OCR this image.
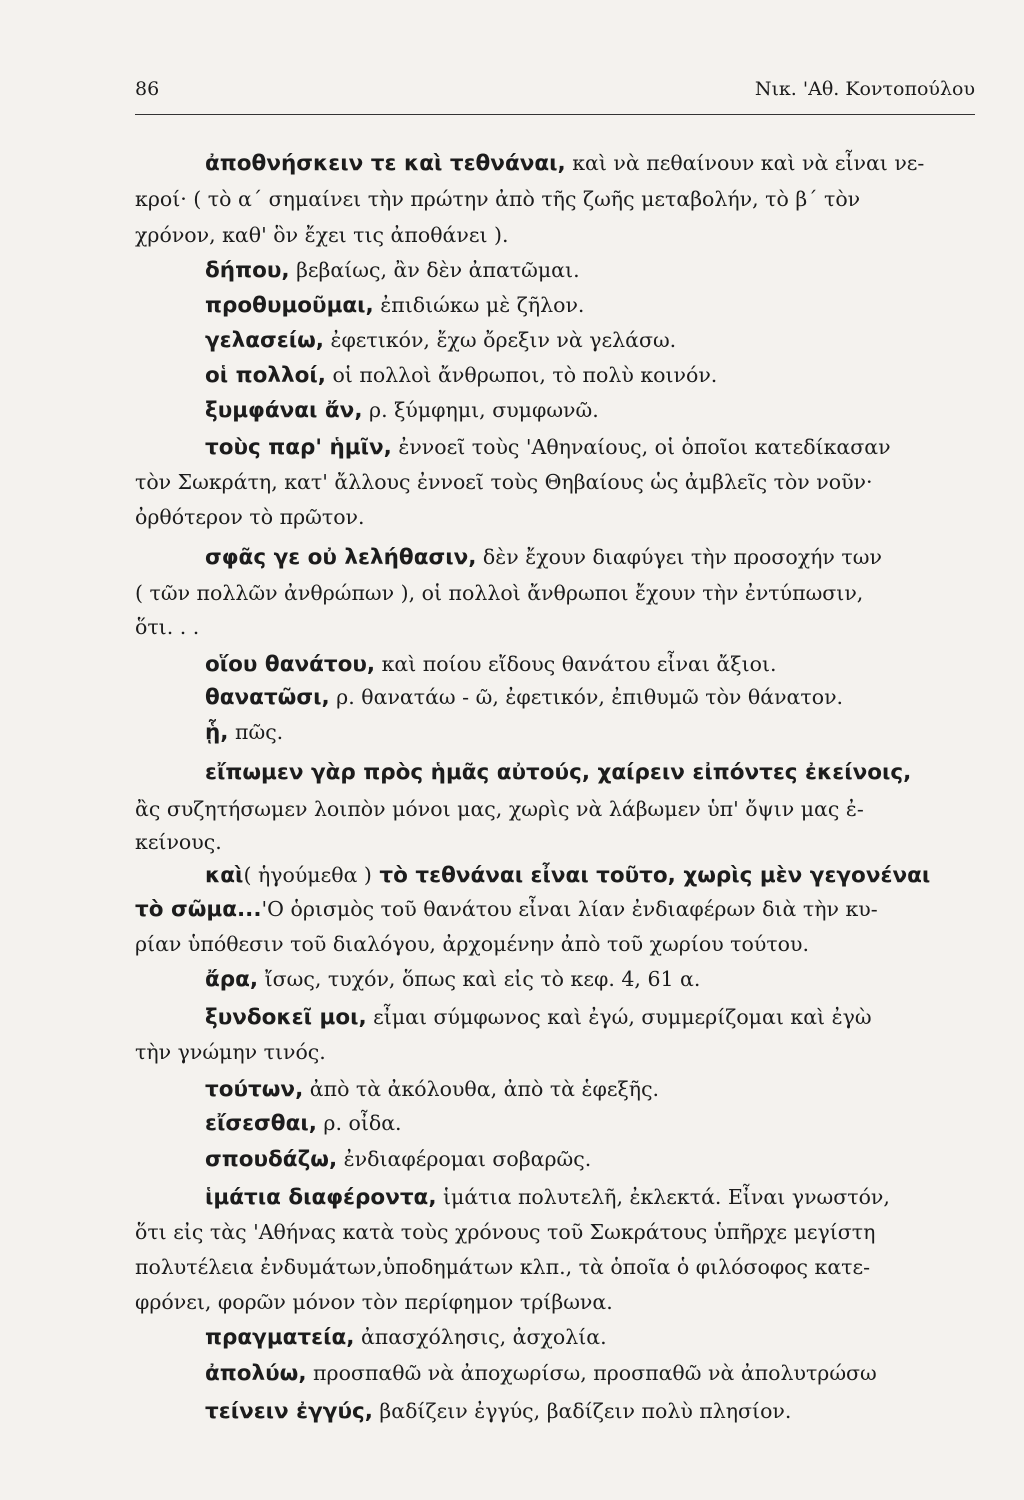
86	Νικ. 'Αθ. Κοντοπούλου
ἀποθνήσκειν τε καὶ τεθνάναι, καὶ νὰ πεθαίνουν καὶ νὰ εἶναι νε-
κροί· ( τὸ α΄ σημαίνει τὴν πρώτην ἀπὸ τῆς ζωῆς μεταβολήν, τὸ β΄ τὸν
χρόνον, καθ' ὃν ἔχει τις ἀποθάνει ).
δήπου, βεβαίως, ἂν δὲν ἀπατῶμαι.
προθυμοῦμαι, ἐπιδιώκω μὲ ζῆλον.
γελασείω, ἐφετικόν, ἔχω ὄρεξιν νὰ γελάσω.
οἱ πολλοί, οἱ πολλοὶ ἄνθρωποι, τὸ πολὺ κοινόν.
ξυμφάναι ἄν, ρ. ξύμφημι, συμφωνῶ.
τοὺς παρ' ἡμῖν, ἐννοεῖ τοὺς 'Αθηναίους, οἱ ὁποῖοι κατεδίκασαν
τὸν Σωκράτη, κατ' ἄλλους ἐννοεῖ τοὺς Θηβαίους ὡς ἀμβλεῖς τὸν νοῦν·
ὀρθότερον τὸ πρῶτον.
σφᾶς γε οὐ λελήθασιν, δὲν ἔχουν διαφύγει τὴν προσοχήν των
( τῶν πολλῶν ἀνθρώπων ), οἱ πολλοὶ ἄνθρωποι ἔχουν τὴν ἐντύπωσιν,
ὅτι. . .
οἵου θανάτου, καὶ ποίου εἴδους θανάτου εἶναι ἄξιοι.
θανατῶσι, ρ. θανατάω - ῶ, ἐφετικόν, ἐπιθυμῶ τὸν θάνατον.
ᾗ, πῶς.
εἴπωμεν γὰρ πρὸς ἡμᾶς αὐτούς, χαίρειν εἰπόντες ἐκείνοις,
ἂς συζητήσωμεν λοιπὸν μόνοι μας, χωρὶς νὰ λάβωμεν ὑπ' ὄψιν μας ἐ-
κείνους.
καὶ( ἡγούμεθα ) τὸ τεθνάναι εἶναι τοῦτο, χωρὶς μὲν γεγονέναι
τὸ σῶμα...'Ο ὁρισμὸς τοῦ θανάτου εἶναι λίαν ἐνδιαφέρων διὰ τὴν κυ-
ρίαν ὑπόθεσιν τοῦ διαλόγου, ἀρχομένην ἀπὸ τοῦ χωρίου τούτου.
ἄρα, ἴσως, τυχόν, ὅπως καὶ εἰς τὸ κεφ. 4, 61 α.
ξυνδοκεῖ μοι, εἶμαι σύμφωνος καὶ ἐγώ, συμμερίζομαι καὶ ἐγὼ
τὴν γνώμην τινός.
τούτων, ἀπὸ τὰ ἀκόλουθα, ἀπὸ τὰ ἑφεξῆς.
εἴσεσθαι, ρ. οἶδα.
σπουδάζω, ἐνδιαφέρομαι σοβαρῶς.
ἱμάτια διαφέροντα, ἱμάτια πολυτελῆ, ἐκλεκτά. Εἶναι γνωστόν,
ὅτι εἰς τὰς 'Αθήνας κατὰ τοὺς χρόνους τοῦ Σωκράτους ὑπῆρχε μεγίστη
πολυτέλεια ἐνδυμάτων,ὑποδημάτων κλπ., τὰ ὁποῖα ὁ φιλόσοφος κατε-
φρόνει, φορῶν μόνον τὸν περίφημον τρίβωνα.
πραγματεία, ἀπασχόλησις, ἀσχολία.
ἀπολύω, προσπαθῶ νὰ ἀποχωρίσω, προσπαθῶ νὰ ἀπολυτρώσω
τείνειν ἐγγύς, βαδίζειν ἐγγύς, βαδίζειν πολὺ πλησίον.
